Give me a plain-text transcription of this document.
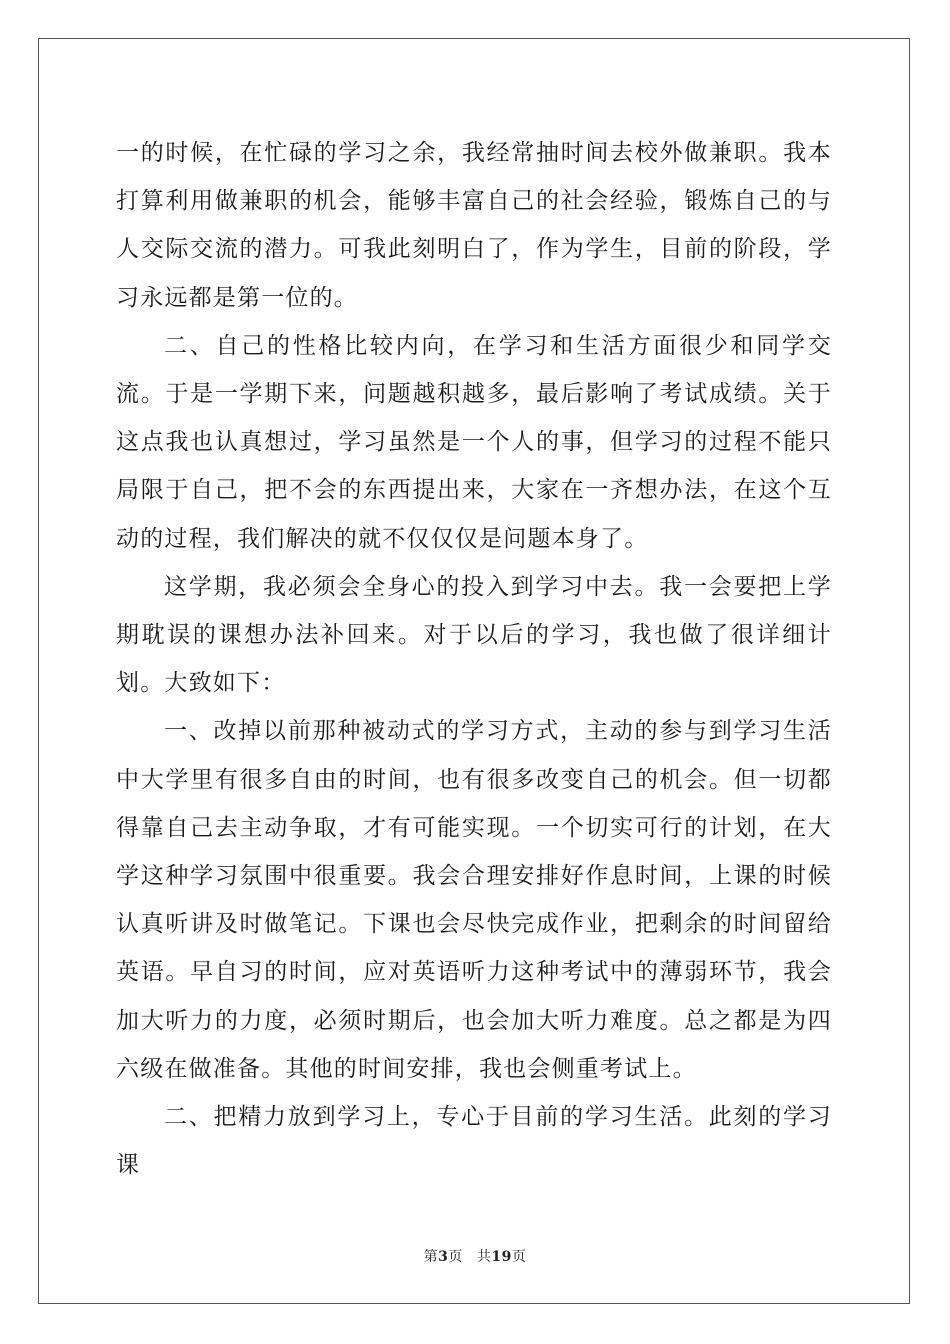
一的时候，在忙碌的学习之余，我经常抽时间去校外做兼职。我本打算利用做兼职的机会，能够丰富自己的社会经验，锻炼自己的与人交际交流的潜力。可我此刻明白了，作为学生，目前的阶段，学习永远都是第一位的。

二、自己的性格比较内向，在学习和生活方面很少和同学交流。于是一学期下来，问题越积越多，最后影响了考试成绩。关于这点我也认真想过，学习虽然是一个人的事，但学习的过程不能只局限于自己，把不会的东西提出来，大家在一齐想办法，在这个互动的过程，我们解决的就不仅仅仅是问题本身了。

这学期，我必须会全身心的投入到学习中去。我一会要把上学期耽误的课想办法补回来。对于以后的学习，我也做了很详细计划。大致如下：

一、改掉以前那种被动式的学习方式，主动的参与到学习生活中大学里有很多自由的时间，也有很多改变自己的机会。但一切都得靠自己去主动争取，才有可能实现。一个切实可行的计划，在大学这种学习氛围中很重要。我会合理安排好作息时间，上课的时候认真听讲及时做笔记。下课也会尽快完成作业，把剩余的时间留给英语。早自习的时间，应对英语听力这种考试中的薄弱环节，我会加大听力的力度，必须时期后，也会加大听力难度。总之都是为四六级在做准备。其他的时间安排，我也会侧重考试上。

二、把精力放到学习上，专心于目前的学习生活。此刻的学习课

第3页 共19页
